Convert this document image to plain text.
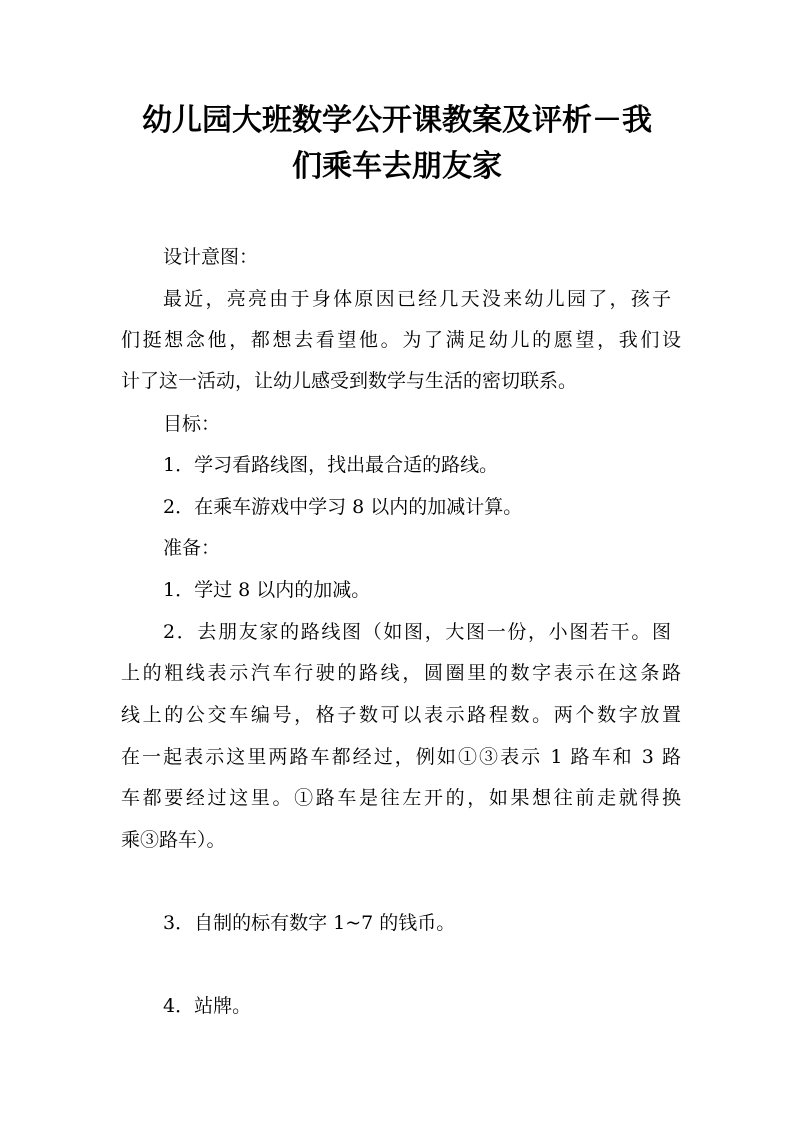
幼儿园大班数学公开课教案及评析－我
们乘车去朋友家
设计意图：
最近，亮亮由于身体原因已经几天没来幼儿园了，孩子
们挺想念他，都想去看望他。为了满足幼儿的愿望，我们设
计了这一活动，让幼儿感受到数学与生活的密切联系。
目标：
1．学习看路线图，找出最合适的路线。
2．在乘车游戏中学习 8 以内的加减计算。
准备：
1．学过 8 以内的加减。
2．去朋友家的路线图（如图，大图一份，小图若干。图
上的粗线表示汽车行驶的路线，圆圈里的数字表示在这条路
线上的公交车编号，格子数可以表示路程数。两个数字放置
在一起表示这里两路车都经过，例如①③表示 1 路车和 3 路
车都要经过这里。①路车是往左开的，如果想往前走就得换
乘③路车）。
3．自制的标有数字 1~7 的钱币。
4．站牌。
